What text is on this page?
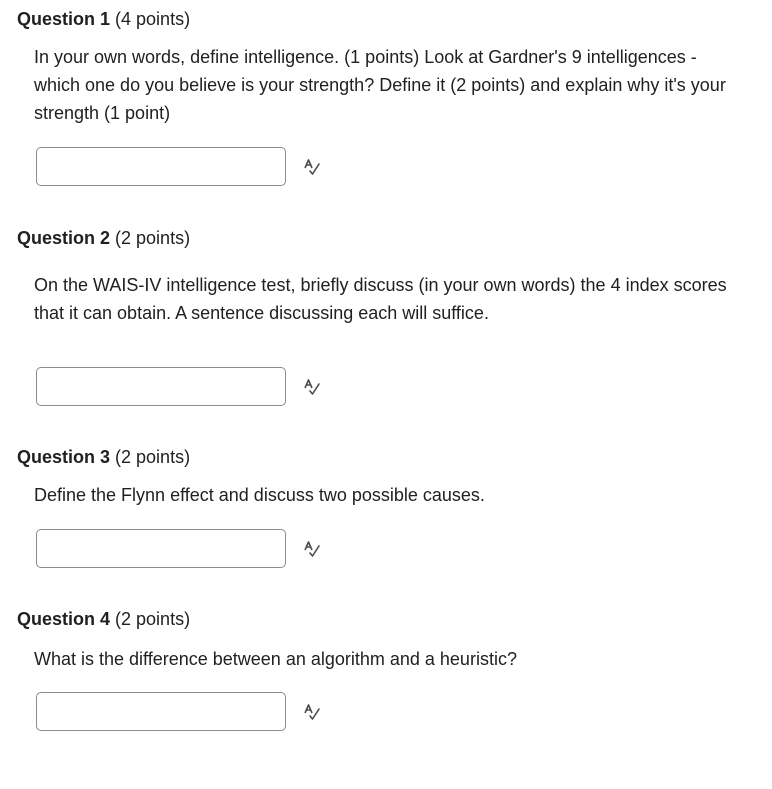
Question 1 (4 points)
In your own words, define intelligence. (1 points) Look at Gardner's 9 intelligences - which one do you believe is your strength? Define it (2 points) and explain why it's your strength (1 point)
Question 2 (2 points)
On the WAIS-IV intelligence test, briefly discuss (in your own words) the 4 index scores that it can obtain. A sentence discussing each will suffice.
Question 3 (2 points)
Define the Flynn effect and discuss two possible causes.
Question 4 (2 points)
What is the difference between an algorithm and a heuristic?
